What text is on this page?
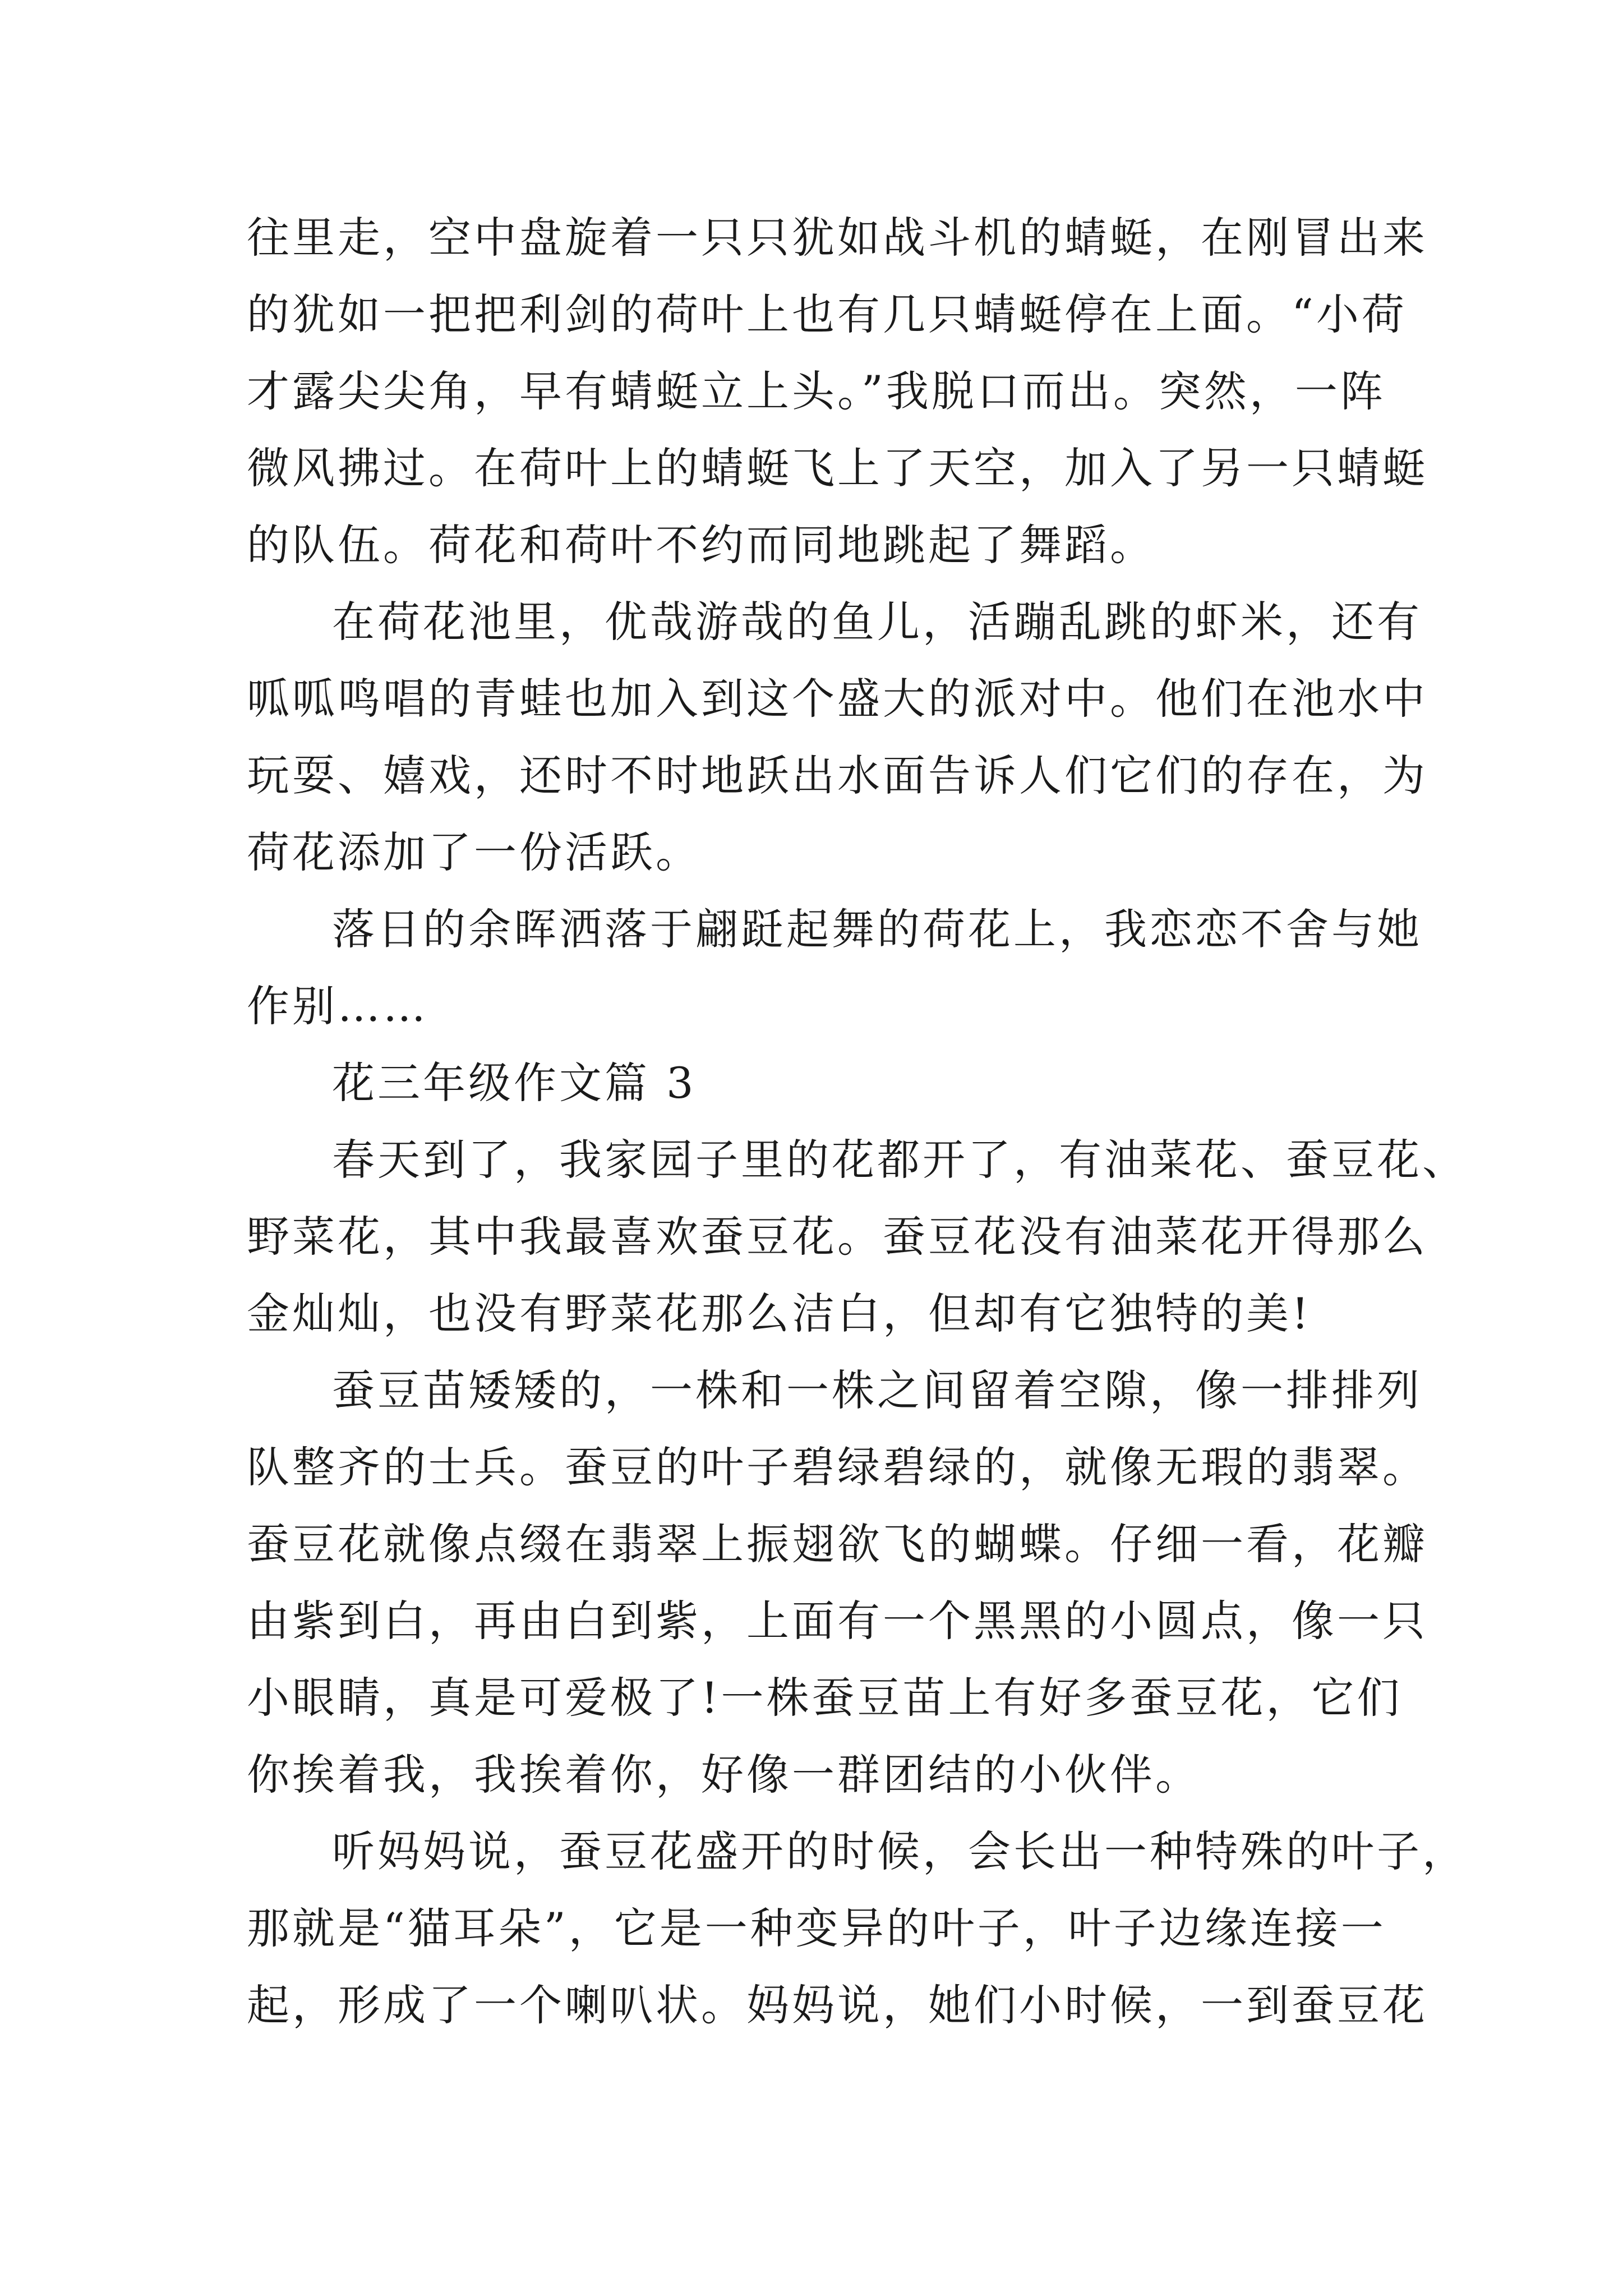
往里走，空中盘旋着一只只犹如战斗机的蜻蜓，在刚冒出来
的犹如一把把利剑的荷叶上也有几只蜻蜓停在上面。“小荷
才露尖尖角，早有蜻蜓立上头。”我脱口而出。突然，一阵
微风拂过。在荷叶上的蜻蜓飞上了天空，加入了另一只蜻蜓
的队伍。荷花和荷叶不约而同地跳起了舞蹈。
在荷花池里，优哉游哉的鱼儿，活蹦乱跳的虾米，还有
呱呱鸣唱的青蛙也加入到这个盛大的派对中。他们在池水中
玩耍、嬉戏，还时不时地跃出水面告诉人们它们的存在，为
荷花添加了一份活跃。
落日的余晖洒落于翩跹起舞的荷花上，我恋恋不舍与她
作别……
花三年级作文篇 3
春天到了，我家园子里的花都开了，有油菜花、蚕豆花、
野菜花，其中我最喜欢蚕豆花。蚕豆花没有油菜花开得那么
金灿灿，也没有野菜花那么洁白，但却有它独特的美!
蚕豆苗矮矮的，一株和一株之间留着空隙，像一排排列
队整齐的士兵。蚕豆的叶子碧绿碧绿的，就像无瑕的翡翠。
蚕豆花就像点缀在翡翠上振翅欲飞的蝴蝶。仔细一看，花瓣
由紫到白，再由白到紫，上面有一个黑黑的小圆点，像一只
小眼睛，真是可爱极了!一株蚕豆苗上有好多蚕豆花，它们
你挨着我，我挨着你，好像一群团结的小伙伴。
听妈妈说，蚕豆花盛开的时候，会长出一种特殊的叶子，
那就是“猫耳朵”，它是一种变异的叶子，叶子边缘连接一
起，形成了一个喇叭状。妈妈说，她们小时候，一到蚕豆花
